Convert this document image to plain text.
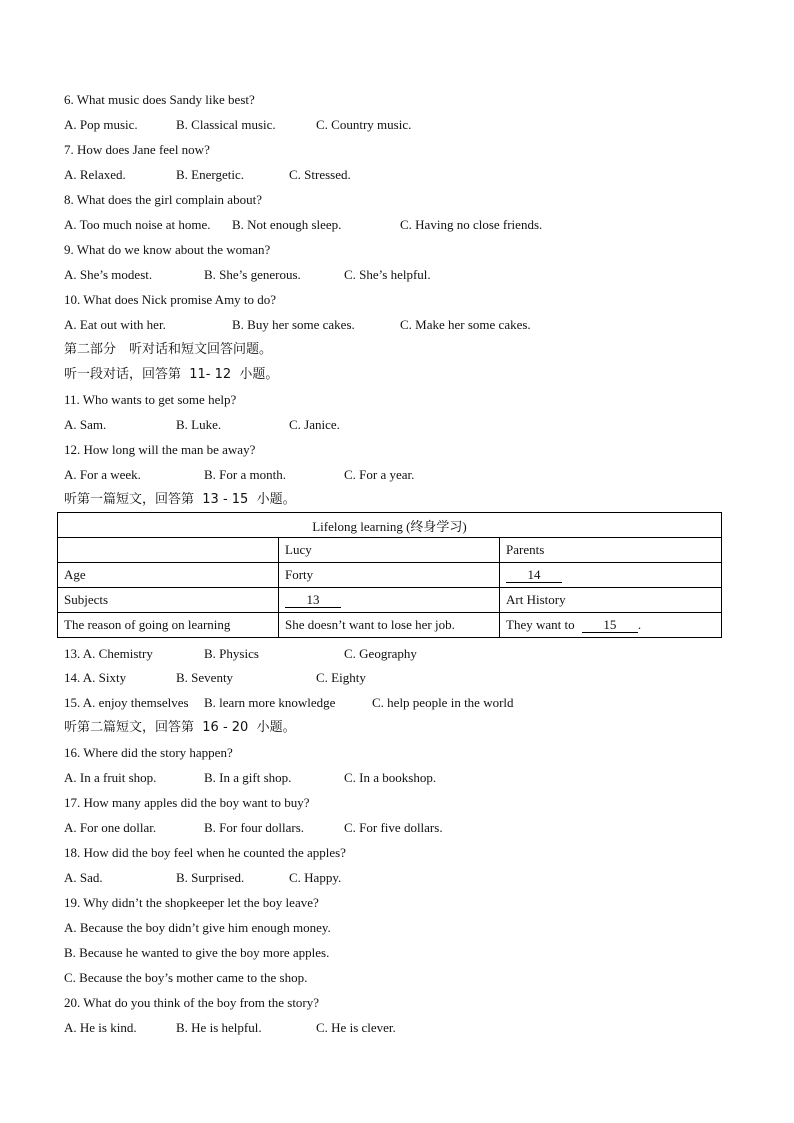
6. What music does Sandy like best?
A. Pop music.	B. Classical music.	C. Country music.
7. How does Jane feel now?
A. Relaxed.	B. Energetic.	C. Stressed.
8. What does the girl complain about?
A. Too much noise at home. B. Not enough sleep.	C. Having no close friends.
9. What do we know about the woman?
A. She’s modest.	B. She’s generous.	C. She’s helpful.
10. What does Nick promise Amy to do?
A. Eat out with her.	B. Buy her some cakes.	C. Make her some cakes.
第二部分　听对话和短文回答问题。
听一段对话，回答第  11- 12  小题。
11. Who wants to get some help?
A. Sam.	B. Luke.	C. Janice.
12. How long will the man be away?
A. For a week.	B. For a month.	C. For a year.
听第一篇短文，回答第  13 - 15  小题。
Lifelong learning (终身学习)		
	Lucy	Parents
Age	Forty	14
Subjects	13	Art History
The reason of going on learning	She doesn’t want to lose her job.	They want to 15 .
13. A. Chemistry	B. Physics	C. Geography
14. A. Sixty	B. Seventy	C. Eighty
15. A. enjoy themselves B. learn more knowledge	C. help people in the world
听第二篇短文，回答第  16 - 20  小题。
16. Where did the story happen?
A. In a fruit shop.	B. In a gift shop.	C. In a bookshop.
17. How many apples did the boy want to buy?
A. For one dollar.	B. For four dollars.	C. For five dollars.
18. How did the boy feel when he counted the apples?
A. Sad.	B. Surprised.	C. Happy.
19. Why didn’t the shopkeeper let the boy leave?
A. Because the boy didn’t give him enough money.
B. Because he wanted to give the boy more apples.
C. Because the boy’s mother came to the shop.
20. What do you think of the boy from the story?
A. He is kind.	B. He is helpful.	C. He is clever.
